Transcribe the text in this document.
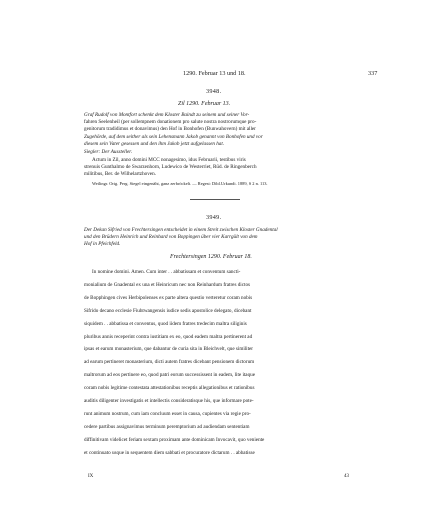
1290. Februar 13 und 18.	337
3948.
Zil 1290. Februar 13.
Graf Rudolf von Montfort schenkt dem Kloster Baindt zu seinem und seiner Vor-
fahren Seelenheil (per sollempnem donationem pro salute nostra nostrorumque pro-
genitorum tradidimus et donavimus) den Hof in Bonhofen (Bunwahovern) mit aller
Zugehörde, auf dem seither als sein Lehensmann Jakob genannt von Bonhofen und vor
diesem sein Vater gesessen und den ihm Jakob jetzt aufgelassen hat.
Siegler: Der Aussteller.
Actum in Zil, anno domini MCC nonagesimo, idus Februarii, testibus viris
strenuis Gunthalmo de Swarzenhorn, Ludewico de Westerriet, Rüd. de Ringenberch
militibus, Ber. de Wilhelartzhoven.
Weilingr. Orig. Perg. Siegel eingenäht, ganz zerbröckelt. — Regest: Dibl.Urkundi. 1889, S 2 n. 113.
3949.
Der Dekan Sifried von Frechtersingen entscheidet in einem Streit zwischen Kloster Gnadental
und den Brüdern Heinrich und Reinhard von Boppingen über vier Karrgült von dem
Hof in Pfeichfeld.
Frechtersingen 1290. Februar 18.
In nomine domini. Amen. Cum inter . . abbatissam et conventum sancti-
monialium de Gnadental ex una et Heinricum nec non Reinhardum fratres dictos
de Bopphingen cives Herbipolenses ex parte altera questio verteretur coram nobis
Sifrido decano ecclesie Fiuhtwangensis iudice sedis apostolice delegato, dicebant
siquidem . . abbatissa et conventus, quod iidem fratres tredecim maltra siliginis
pluribus annis receperint contra iustitiam ex eo, quod eadem maltra pertinerent ad
ipsas et earum monasterium, que dabantur de curia sita in Bleichvelt, que similiter
ad earum pertineret monasterium, dicti autem fratres dicebant pensionem dictorum
maltrorum ad eos pertinere eo, quod patri eorum successissent in eadem, lite itaque
coram nobis legitime contestata attestationibus receptis allegationibus et rationibus
auditis diligenter investigatis et intellectis consideratisque his, que informare pote-
runt animum nostrum, cum iam concluum esset in causa, cupientes via regie pro-
cedere partibus assignavimus terminum peremptorium ad audiendam sententiam
diffinitivam videlicet feriam sextam proximam ante dominicam Invocavit, quo veniente
et continuato usque in sequentem diem sabbati et procuratore dictarum . . abbatisse
IX	43
